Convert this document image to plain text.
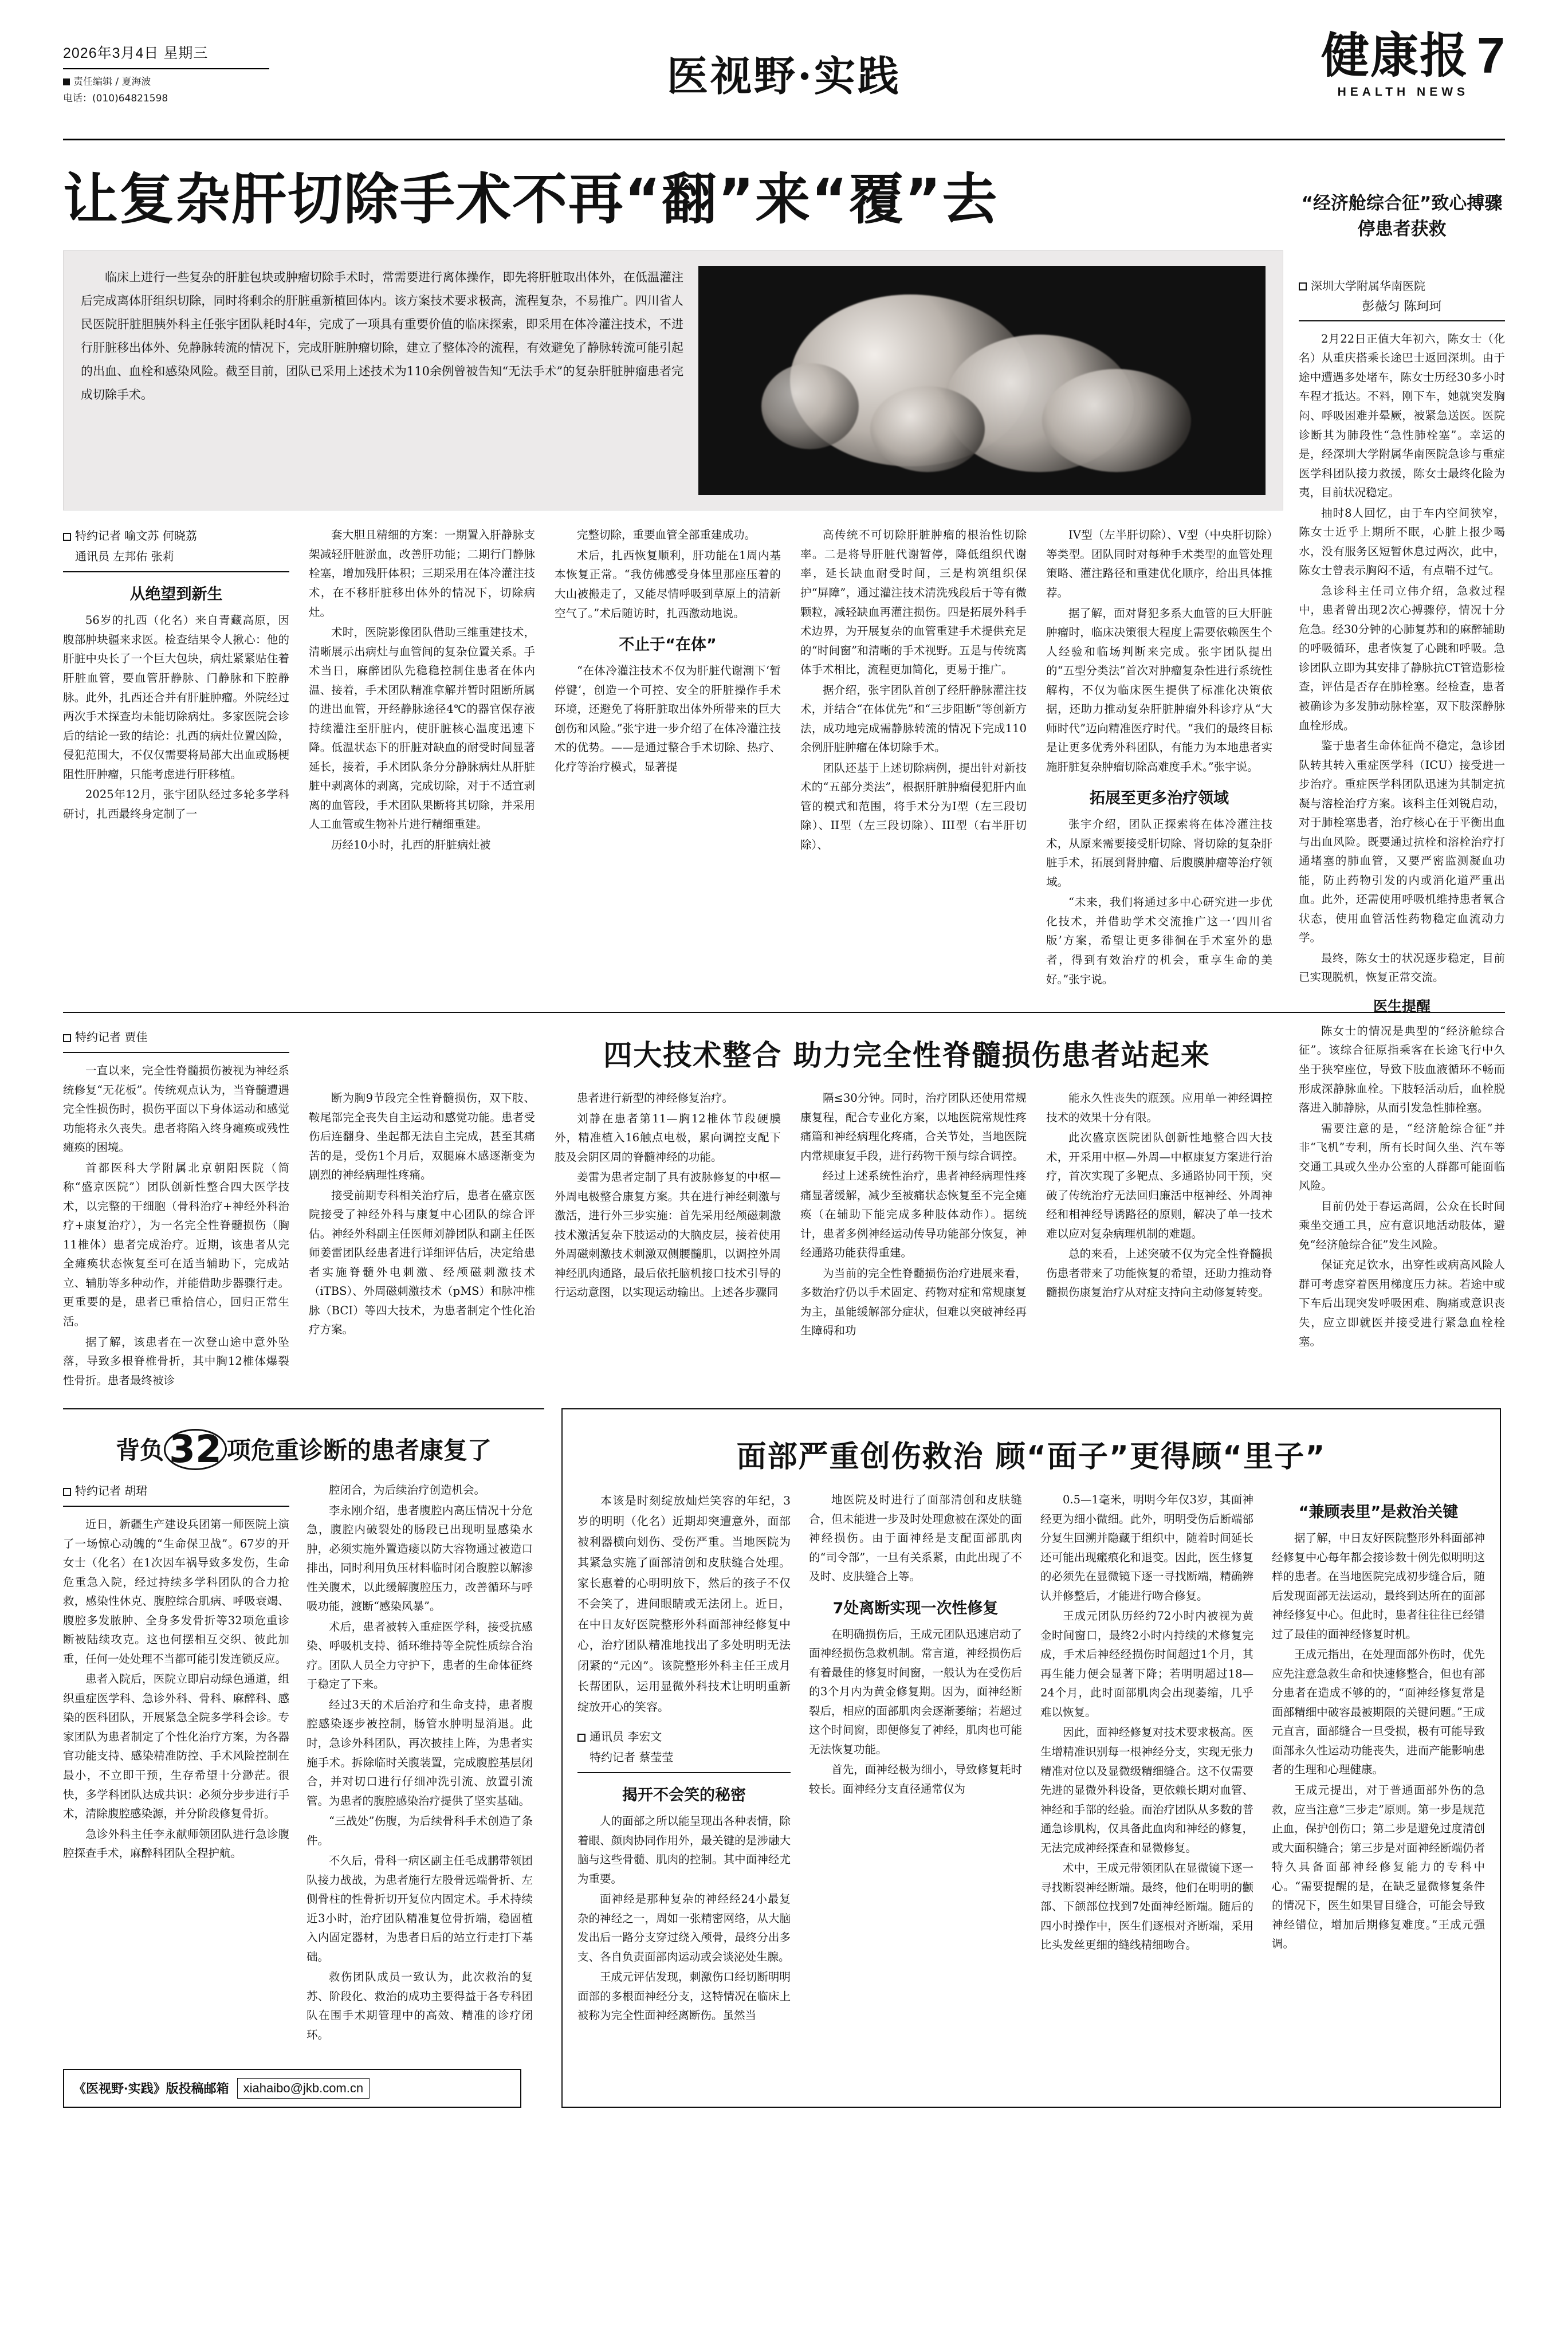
2026年3月4日 星期三
责任编辑 / 夏海波
电话：(010)64821598	医视野·实践	健康报
HEALTH NEWS
7
让复杂肝切除手术不再“翻”来“覆”去	“经济舱综合征”致心搏骤停患者获救
深圳大学附属华南医院
彭薇匀 陈珂珂

2月22日正值大年初六，陈女士（化名）从重庆搭乘长途巴士返回深圳。由于途中遭遇多处堵车，陈女士历经30多小时车程才抵达。不料，刚下车，她就突发胸闷、呼吸困难并晕厥，被紧急送医。医院诊断其为肺段性“急性肺栓塞”。幸运的是，经深圳大学附属华南医院急诊与重症医学科团队接力救援，陈女士最终化险为夷，目前状况稳定。

抽时8人回忆，由于车内空间狭窄，陈女士近乎上期所不眠，心脏上报少喝水，没有服务区短暂休息过两次，此中，陈女士曾表示胸闷不适，有点喘不过气。

急诊科主任司立伟介绍，急救过程中，患者曾出现2次心搏骤停，情况十分危急。经30分钟的心肺复苏和的麻醉辅助的呼吸循环，患者恢复了心跳和呼吸。急诊团队立即为其安排了静脉抗CT管造影检查，评估是否存在肺栓塞。经检查，患者被确诊为多发肺动脉栓塞，双下肢深静脉血栓形成。

鉴于患者生命体征尚不稳定，急诊团队转其转入重症医学科（ICU）接受进一步治疗。重症医学科团队迅速为其制定抗凝与溶栓治疗方案。该科主任刘锐启动，对于肺栓塞患者，治疗核心在于平衡出血与出血风险。既要通过抗栓和溶栓治疗打通堵塞的肺血管，又要严密监测凝血功能，防止药物引发的内或消化道严重出血。此外，还需使用呼吸机维持患者氧合状态，使用血管活性药物稳定血流动力学。

最终，陈女士的状况逐步稳定，目前已实现脱机，恢复正常交流。

医生提醒

陈女士的情况是典型的“经济舱综合征”。该综合征原指乘客在长途飞行中久坐于狭窄座位，导致下肢血液循环不畅而形成深静脉血栓。下肢轻活动后，血栓脱落进入肺静脉，从而引发急性肺栓塞。

需要注意的是，“经济舱综合征”并非“飞机”专利，所有长时间久坐、汽车等交通工具或久坐办公室的人群都可能面临风险。

目前仍处于春运高阔，公众在长时间乘坐交通工具，应有意识地活动肢体，避免“经济舱综合征”发生风险。

保证充足饮水，出穿性或病高风险人群可考虑穿着医用梯度压力袜。若途中或下车后出现突发呼吸困难、胸痛或意识丧失，应立即就医并接受进行紧急血栓栓塞。

临床上进行一些复杂的肝脏包块或肿瘤切除手术时，常需要进行离体操作，即先将肝脏取出体外，在低温灌注后完成离体肝组织切除，同时将剩余的肝脏重新植回体内。该方案技术要求极高，流程复杂，不易推广。四川省人民医院肝脏胆胰外科主任张宇团队耗时4年，完成了一项具有重要价值的临床探索，即采用在体冷灌注技术，不进行肝脏移出体外、免静脉转流的情况下，完成肝脏肿瘤切除，建立了整体冷的流程，有效避免了静脉转流可能引起的出血、血栓和感染风险。截至目前，团队已采用上述技术为110余例曾被告知“无法手术”的复杂肝脏肿瘤患者完成切除手术。

特约记者 喻文苏 何晓荔
通讯员 左邦佑 张莉
从绝望到新生

56岁的扎西（化名）来自青藏高原，因腹部肿块疆来求医。检查结果令人揪心：他的肝脏中央长了一个巨大包块，病灶紧紧贴住着肝脏血管，要血管肝静脉、门静脉和下腔静脉。此外，扎西还合并有肝脏肿瘤。外院经过两次手术探查均未能切除病灶。多家医院会诊后的结论一致的结论：扎西的病灶位置凶险，侵犯范围大，不仅仅需要将局部大出血或肠梗阻性肝肿瘤，只能考虑进行肝移植。

2025年12月，张宇团队经过多轮多学科研讨，扎西最终身定制了一

套大胆且精细的方案：一期置入肝静脉支架减轻肝脏淤血，改善肝功能；二期行门静脉栓塞，增加残肝体积；三期采用在体冷灌注技术，在不移肝脏移出体外的情况下，切除病灶。

术时，医院影像团队借助三维重建技术，清晰展示出病灶与血管间的复杂位置关系。手术当日，麻醉团队先稳稳控制住患者在体内温、接着，手术团队精准拿解并暂时阻断所属的进出血管，开经静脉途径4℃的器官保存液持续灌注至肝脏内，使肝脏核心温度迅速下降。低温状态下的肝脏对缺血的耐受时间显著延长，接着，手术团队条分分静脉病灶从肝脏脏中剥离体的剥离，完成切除，对于不适宜剥离的血管段，手术团队果断将其切除，并采用人工血管或生物补片进行精细重建。

历经10小时，扎西的肝脏病灶被

完整切除，重要血管全部重建成功。

术后，扎西恢复顺利，肝功能在1周内基本恢复正常。“我仿佛感受身体里那座压着的大山被搬走了，又能尽情呼吸到草原上的清新空气了。”术后随访时，扎西激动地说。

不止于“在体”

“在体冷灌注技术不仅为肝脏代谢潮下‘暂停键’，创造一个可控、安全的肝脏操作手术环境，还避免了将肝脏取出体外所带来的巨大创伤和风险。”张宇进一步介绍了在体冷灌注技术的优势。——是通过整合手术切除、热疗、化疗等治疗模式，显著提

高传统不可切除肝脏肿瘤的根治性切除率。二是将导肝脏代谢暂停，降低组织代谢率，延长缺血耐受时间，三是构筑组织保护“屏障”，通过灌注技术清洗残段后于等有微颗粒，减轻缺血再灌注损伤。四是拓展外科手术边界，为开展复杂的血管重建手术提供充足的“时间窗”和清晰的手术视野。五是与传统离体手术相比，流程更加简化，更易于推广。

据介绍，张宇团队首创了经肝静脉灌注技术，并结合“在体优先”和“三步阻断”等创新方法，成功地完成需静脉转流的情况下完成110余例肝脏肿瘤在体切除手术。

团队还基于上述切除病例，提出针对新技术的“五部分类法”，根据肝脏肿瘤侵犯肝内血管的模式和范围，将手术分为I型（左三段切除）、II型（左三段切除）、III型（右半肝切除）、

IV型（左半肝切除）、V型（中央肝切除）等类型。团队同时对每种手术类型的血管处理策略、灌注路径和重建优化顺序，给出具体推荐。

据了解，面对肾犯多系大血管的巨大肝脏肿瘤时，临床决策很大程度上需要依赖医生个人经验和临场判断来完成。张宇团队提出的“五型分类法”首次对肿瘤复杂性进行系统性解构，不仅为临床医生提供了标准化决策依据，还助力推动复杂肝脏肿瘤外科诊疗从“大师时代”迈向精准医疗时代。“我们的最终目标是让更多优秀外科团队，有能力为本地患者实施肝脏复杂肿瘤切除高难度手术。”张宇说。

拓展至更多治疗领域

张宇介绍，团队正探索将在体冷灌注技术，从原来需要接受肝切除、肾切除的复杂肝脏手术，拓展到肾肿瘤、后腹膜肿瘤等治疗领域。

“未来，我们将通过多中心研究进一步优化技术，并借助学术交流推广这一‘四川省版’方案，希望让更多徘徊在手术室外的患者，得到有效治疗的机会，重享生命的美好。”张宇说。

特约记者 贾佳

一直以来，完全性脊髓损伤被视为神经系统修复“无花板”。传统观点认为，当脊髓遭遇完全性损伤时，损伤平面以下身体运动和感觉功能将永久丧失。患者将陷入终身瘫痪或残性瘫痪的困境。

首都医科大学附属北京朝阳医院（简称“盛京医院”）团队创新性整合四大医学技术，以完整的干细胞（骨科治疗+神经外科治疗+康复治疗），为一名完全性脊髓损伤（胸11椎体）患者完成治疗。近期，该患者从完全瘫痪状态恢复至可在适当辅助下，完成站立、辅肋等多种动作，并能借助步器骤行走。更重要的是，患者已重拾信心，回归正常生活。

据了解，该患者在一次登山途中意外坠落，导致多根脊椎骨折，其中胸12椎体爆裂性骨折。患者最终被诊

四大技术整合 助力完全性脊髓损伤患者站起来

断为胸9节段完全性脊髓损伤，双下肢、鞍尾部完全丧失自主运动和感觉功能。患者受伤后连翻身、坐起都无法自主完成，甚至其痛苦的是，受伤1个月后，双腿麻木感逐渐变为剧烈的神经病理性疼痛。

接受前期专科相关治疗后，患者在盛京医院接受了神经外科与康复中心团队的综合评估。神经外科副主任医师刘静团队和副主任医师姜雷团队经患者进行详细评估后，决定给患者实施脊髓外电刺激、经颅磁刺激技术（iTBS）、外周磁刺激技术（pMS）和脉冲椎脉（BCI）等四大技术，为患者制定个性化治疗方案。

患者进行新型的神经修复治疗。

刘静在患者第11—胸12椎体节段硬膜外，精准植入16触点电极，累向调控支配下肢及会阴区周的脊髓神经的功能。

姜雷为患者定制了具有波脉修复的中枢—外周电极整合康复方案。共在进行神经刺激与激活，进行外三步实施：首先采用经颅磁刺激技术激活复杂下肢运动的大脑皮层，接着使用外周磁刺激技术刺激双侧腰髓肌，以调控外周神经肌肉通路，最后依托脑机接口技术引导的行运动意图，以实现运动输出。上述各步骤同

隔≤30分钟。同时，治疗团队还使用常规康复程，配合专业化方案，以地医院常规性疼痛篇和神经病理化疼痛，合关节处，当地医院内常规康复手段，进行药物干预与综合调控。

经过上述系统性治疗，患者神经病理性疼痛显著缓解，减少至被痛状态恢复至不完全瘫痪（在辅助下能完成多种肢体动作）。据统计，患者多例神经运动传导功能部分恢复，神经通路功能获得重建。

为当前的完全性脊髓损伤治疗进展来看，多数治疗仍以手术固定、药物对症和常规康复为主，虽能缓解部分症状，但难以突破神经再生障碍和功

能永久性丧失的瓶颈。应用单一神经调控技术的效果十分有限。

此次盛京医院团队创新性地整合四大技术，开采用中枢—外周—中枢康复方案进行治疗，首次实现了多靶点、多通路协同干预，突破了传统治疗无法回归廉活中枢神经、外周神经和相神经导诱路径的原则，解决了单一技术难以应对复杂病理机制的难题。

总的来看，上述突破不仅为完全性脊髓损伤患者带来了功能恢复的希望，还助力推动脊髓损伤康复治疗从对症支持向主动修复转变。

背负 32 项危重诊断的患者康复了
特约记者 胡珺

近日，新疆生产建设兵团第一师医院上演了一场惊心动魄的“生命保卫战”。67岁的开女士（化名）在1次因车祸导致多发伤，生命危重急入院，经过持续多学科团队的合力抢救，感染性休克、腹腔综合肌病、呼吸衰竭、腹腔多发脓肿、全身多发骨折等32项危重诊断被陆续攻克。这也何摆相互交织、彼此加重，任何一处处理不当都可能引发连锁反应。

患者入院后，医院立即启动绿色通道，组织重症医学科、急诊外科、骨科、麻醉科、感染的医科团队，开展紧急全院多学科会诊。专家团队为患者制定了个性化治疗方案，为各器官功能支持、感染精准防控、手术风险控制在最小，不立即干预，生存希望十分渺茫。很快，多学科团队达成共识：必须分步步进行手术，清除腹腔感染源，并分阶段修复骨折。

急诊外科主任李永献师领团队进行急诊腹腔探查手术，麻醉科团队全程护航。

腔闭合，为后续治疗创造机会。

李永刚介绍，患者腹腔内高压情况十分危急，腹腔内破裂处的肠段已出现明显感染水肿，必须实施外置造瘘以防大容物通过被造口排出，同时利用负压材料临时闭合腹腔以解渗性关腹术，以此缓解腹腔压力，改善循环与呼吸功能，渡断“感染风暴”。

术后，患者被转入重症医学科，接受抗感染、呼吸机支持、循环维持等全院性质综合治疗。团队人员全力守护下，患者的生命体征终于稳定了下来。

经过3天的术后治疗和生命支持，患者腹腔感染逐步被控制，肠管水肿明显消退。此时，急诊外科团队，再次披挂上阵，为患者实施手术。拆除临时关腹装置，完成腹腔基层闭合，并对切口进行仔细冲洗引流、放置引流管。为患者的腹腔感染治疗提供了坚实基础。

“三战处”伤腹，为后续骨科手术创造了条件。

不久后，骨科一病区副主任毛成鹏带领团队接力战战，为患者施行左股骨远端骨折、左侧骨柱的性骨折切开复位内固定术。手术持续近3小时，治疗团队精准复位骨折端，稳固植入内固定器材，为患者日后的站立行走打下基础。

救伤团队成员一致认为，此次救治的复苏、阶段化、救治的成功主要得益于各专科团队在围手术期管理中的高效、精准的诊疗闭环。

《医视野·实践》版投稿邮箱	xiahaibo@jkb.com.cn
面部严重创伤救治 顾“面子”更得顾“里子”

本该是时刻绽放灿烂笑容的年纪，3岁的明明（化名）近期却突遭意外，面部被利器横向划伤、受伤严重。当地医院为其紧急实施了面部清创和皮肤缝合处理。家长惠着的心明明放下，然后的孩子不仅不会笑了，进间眼睛或无法闭上。近日，在中日友好医院整形外科面部神经修复中心，治疗团队精准地找出了多处明明无法闭紧的“元凶”。该院整形外科主任王成月长帮团队，运用显微外科技术让明明重新绽放开心的笑容。

通讯员 李宏文
特约记者 蔡莹莹
揭开不会笑的秘密

人的面部之所以能呈现出各种表情，除着眼、颜肉协同作用外，最关键的是涉融大脑与这些骨髓、肌肉的控制。其中面神经尤为重要。

面神经是那种复杂的神经经24小最复杂的神经之一，周如一张精密网络，从大脑发出后一路分支穿过绕入颅骨，最终分出多支、各自负责面部肉运动或会谈泌处生腺。

王成元评估发现，刺激伤口经切断明明面部的多根面神经分支，这特情况在临床上被称为完全性面神经离断伤。虽然当

地医院及时进行了面部清创和皮肤缝合，但未能进一步及时处理愈被在深处的面神经损伤。由于面神经是支配面部肌肉的“司令部”，一旦有关系紧，由此出现了不及时、皮肤缝合上等。

7处离断实现一次性修复

在明确损伤后，王成元团队迅速启动了面神经损伤急救机制。常言道，神经损伤后有着最佳的修复时间窗，一般认为在受伤后的3个月内为黄金修复期。因为，面神经断裂后，相应的面部肌肉会逐渐萎缩；若超过这个时间窗，即便修复了神经，肌肉也可能无法恢复功能。

首先，面神经极为细小，导致修复耗时较长。面神经分支直径通常仅为

0.5—1毫米，明明今年仅3岁，其面神经更为细小微细。此外，明明受伤后断端部分复生回溯并隐藏于组织中，随着时间延长还可能出现瘢痕化和退变。因此，医生修复的必须先在显微镜下逐一寻找断端，精确辨认并修整后，才能进行吻合修复。

王成元团队历经约72小时内被视为黄金时间窗口，最终2小时内持续的术修复完成，手术后神经经损伤时间超过1个月，其再生能力便会显著下降；若明明超过18—24个月，此时面部肌肉会出现萎缩，几乎难以恢复。

因此，面神经修复对技术要求极高。医生增精准识别每一根神经分支，实现无张力精准对位以及显微级精细缝合。这不仅需要先进的显微外科设备，更依赖长期对血管、神经和手部的经验。而治疗团队从多数的普通急诊肌构，仅具备此血肉和神经的修复，无法完成神经探查和显微修复。

术中，王成元带领团队在显微镜下逐一寻找断裂神经断端。最终，他们在明明的颧部、下颌部位找到7处面神经断端。随后的四小时操作中，医生们逐根对齐断端，采用比头发丝更细的缝线精细吻合。

“兼顾表里”是救治关键

据了解，中日友好医院整形外科面部神经修复中心每年都会接诊数十例先似明明这样的患者。在当地医院完成初步缝合后，随后发现面部无法运动，最终到达所在的面部神经修复中心。但此时，患者往往往已经错过了最佳的面神经修复时机。

王成元指出，在处理面部外伤时，优先应先注意急救生命和快速修整合，但也有部分患者在造成不够的的，“面神经修复常是面部精细中破容最被期限的关键问题。”王成元直言，面部缝合一旦受损，极有可能导致面部永久性运动功能丧失，进而产能影响患者的生理和心理健康。

王成元提出，对于普通面部外伤的急救，应当注意“三步走”原则。第一步是规范止血，保护创伤口；第二步是避免过度清创或大面积缝合；第三步是对面神经断端仍者特久具备面部神经修复能力的专科中心。“需要提醒的是，在缺乏显微修复条件的情况下，医生如果冒目缝合，可能会导致神经错位，增加后期修复难度。”王成元强调。
